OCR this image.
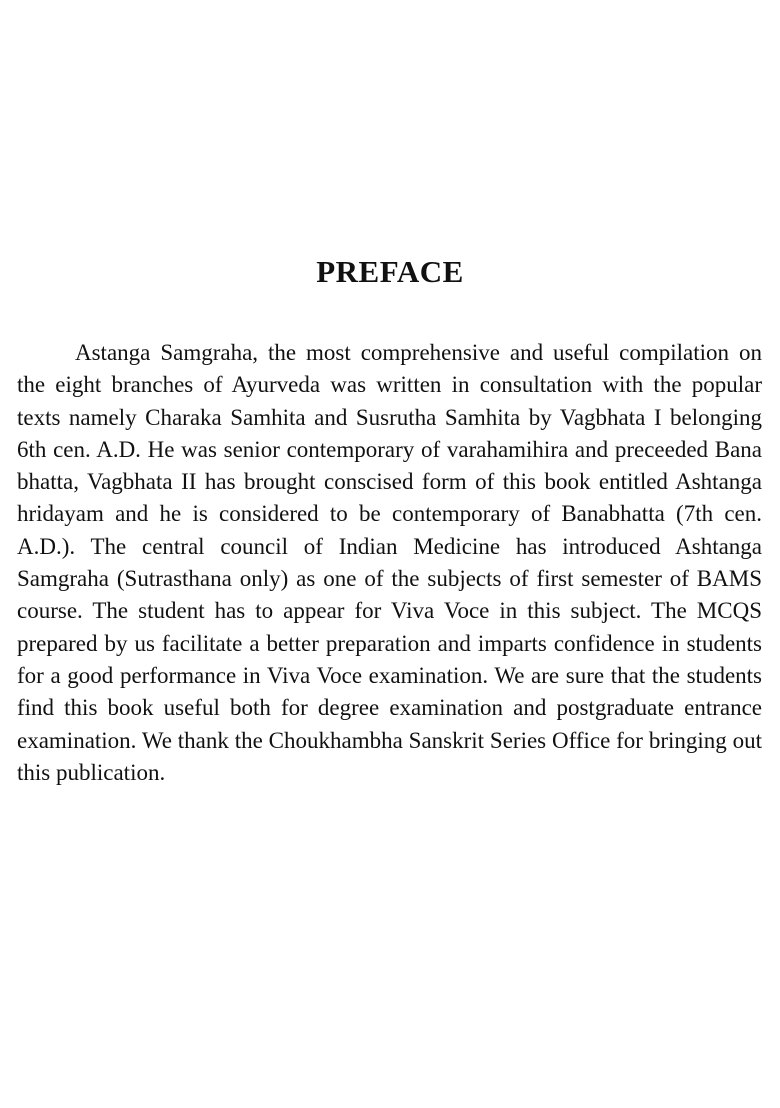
PREFACE

Astanga Samgraha, the most comprehensive and useful compilation on the eight branches of Ayurveda was written in consultation with the popular texts namely Charaka Samhita and Susrutha Samhita by Vagbhata I belonging 6th cen. A.D. He was senior contemporary of varahamihira and preceeded Bana bhatta, Vagbhata II has brought conscised form of this book entitled Ashtanga hridayam and he is considered to be contemporary of Banabhatta (7th cen. A.D.). The central council of Indian Medicine has introduced Ashtanga Samgraha (Sutrasthana only) as one of the subjects of first semester of BAMS course. The student has to appear for Viva Voce in this subject. The MCQS prepared by us facilitate a better preparation and imparts confidence in students for a good performance in Viva Voce examination. We are sure that the students find this book useful both for degree examination and postgraduate entrance examination. We thank the Choukhambha Sanskrit Series Office for bringing out this publication.
